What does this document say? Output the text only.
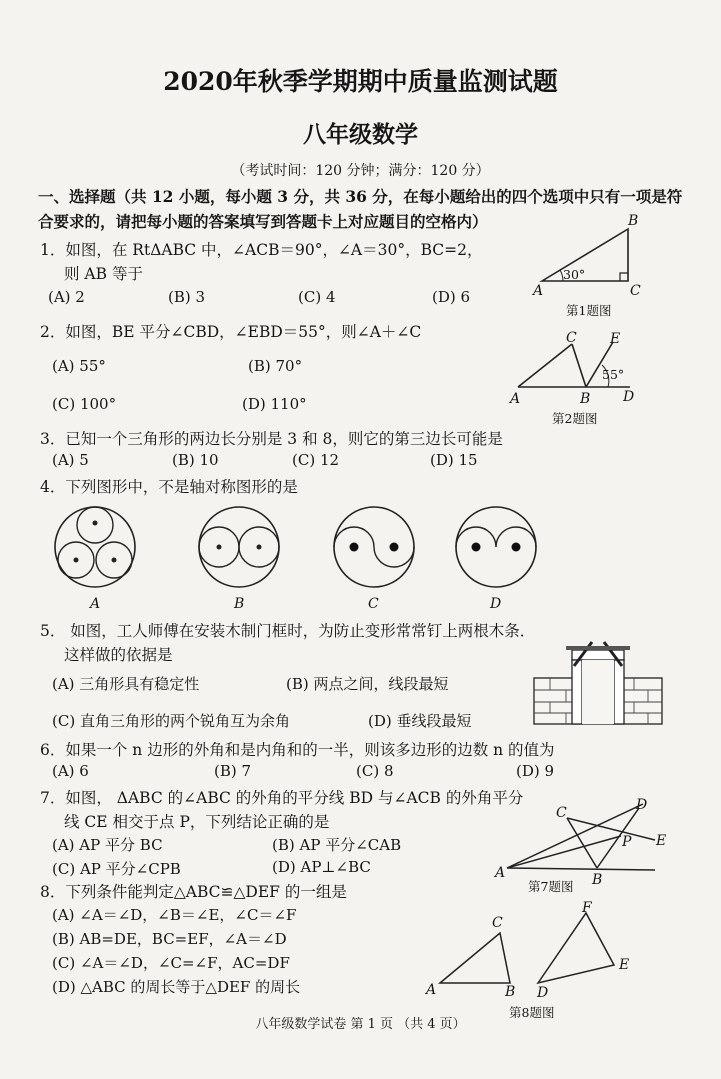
2020年秋季学期期中质量监测试题
八年级数学
（考试时间：120 分钟；满分：120 分）
一、选择题（共 12 小题，每小题 3 分，共 36 分，在每小题给出的四个选项中只有一项是符
合要求的，请把每小题的答案填写到答题卡上对应题目的空格内）
1．如图，在 RtΔABC 中，∠ACB＝90°，∠A＝30°，BC=2，
则 AB 等于
(A) 2	(B) 3	(C) 4	(D) 6	A
B
C
30°
第1题图
2．如图，BE 平分∠CBD，∠EBD＝55°，则∠A＋∠C
(A) 55°	(B) 70°
(C) 100°	(D) 110°	A	B
C
D
E
55°
第2题图
3．已知一个三角形的两边长分别是 3 和 8，则它的第三边长可能是
(A) 5	(B) 10	(C) 12	(D) 15
4．下列图形中，不是轴对称图形的是
A	B	C	D
5． 如图，工人师傅在安装木制门框时，为防止变形常常钉上两根木条．
这样做的依据是
(A) 三角形具有稳定性	(B) 两点之间，线段最短
(C) 直角三角形的两个锐角互为余角	(D) 垂线段最短
6．如果一个 n 边形的外角和是内角和的一半，则该多边形的边数 n 的值为
(A) 6	(B) 7	(C) 8	(D) 9
7．如图， ΔABC 的∠ABC 的外角的平分线 BD 与∠ACB 的外角平分
线 CE 相交于点 P，下列结论正确的是
(A) AP 平分 BC	(B) AP 平分∠CAB
(C) AP 平分∠CPB	(D) AP⊥∠BC	A	B
C	D
E
P
第7题图
8．下列条件能判定△ABC≌△DEF 的一组是
(A) ∠A＝∠D，∠B＝∠E，∠C＝∠F
(B) AB=DE，BC=EF，∠A＝∠D
(C) ∠A＝∠D，∠C=∠F，AC=DF
(D) △ABC 的周长等于△DEF 的周长	A	B
C
D
E
F
第8题图
八年级数学试卷 第 1 页 （共 4 页）
